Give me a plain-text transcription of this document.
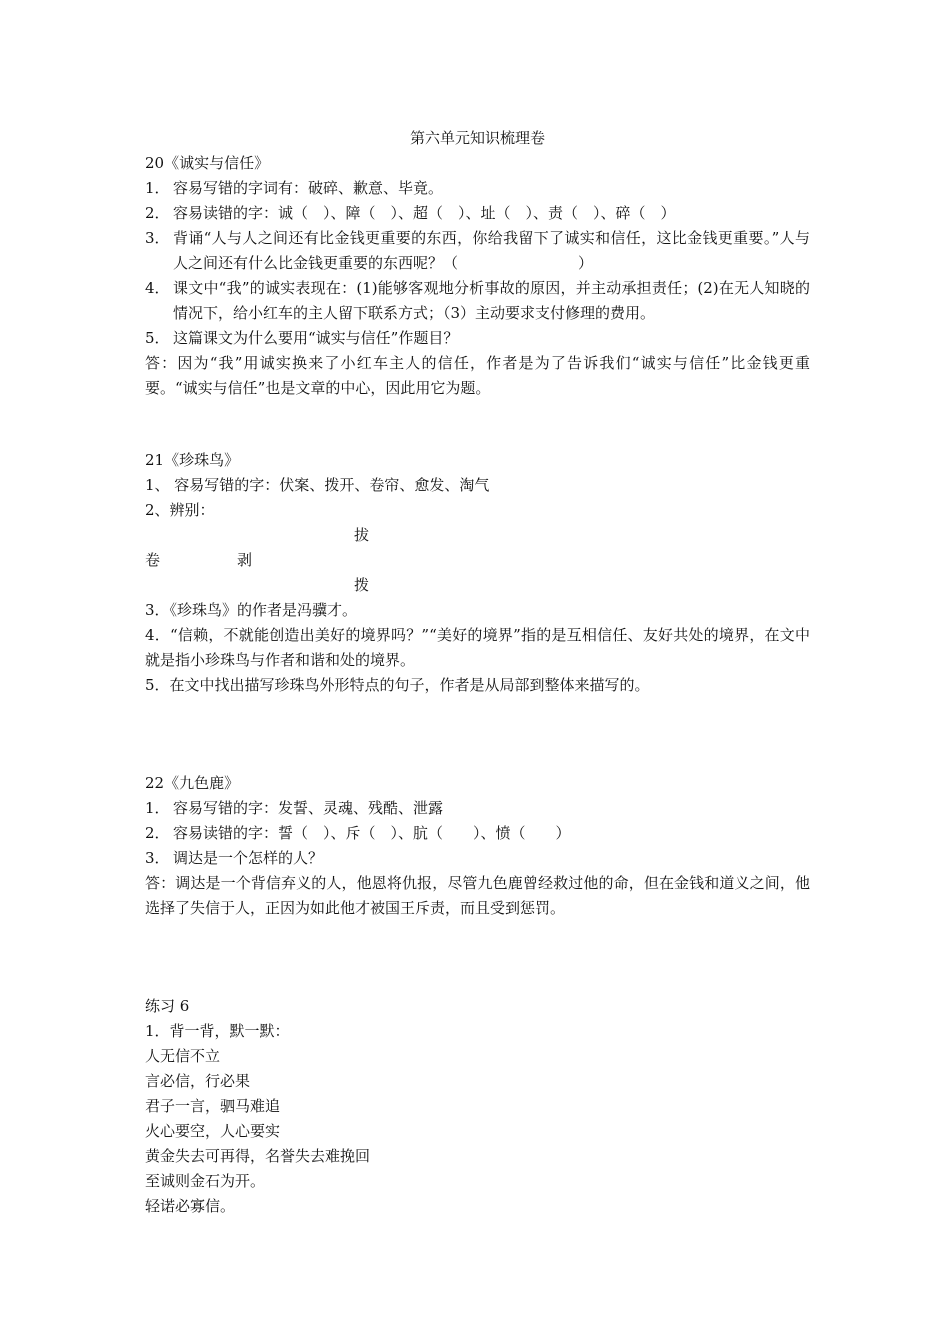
第六单元知识梳理卷

20《诚实与信任》

1． 容易写错的字词有：破碎、歉意、毕竟。
2． 容易读错的字：诚（　）、障（　）、超（　）、址（　）、责（　）、碎（　）
3． 背诵“人与人之间还有比金钱更重要的东西，你给我留下了诚实和信任，这比金钱更重要。”人与人之间还有什么比金钱更重要的东西呢？（　　　　　　　　）
4． 课文中“我”的诚实表现在：(1)能够客观地分析事故的原因，并主动承担责任；(2)在无人知晓的情况下，给小红车的主人留下联系方式；（3）主动要求支付修理的费用。
5． 这篇课文为什么要用“诚实与信任”作题目？

答：因为“我”用诚实换来了小红车主人的信任，作者是为了告诉我们“诚实与信任”比金钱更重要。“诚实与信任”也是文章的中心，因此用它为题。

21《珍珠鸟》

1、 容易写错的字：伏案、拨开、卷帘、愈发、淘气

2、辨别：

拔
卷	剥
拨

3．《珍珠鸟》的作者是冯骥才。

4．“信赖，不就能创造出美好的境界吗？”“美好的境界”指的是互相信任、友好共处的境界，在文中就是指小珍珠鸟与作者和谐和处的境界。

5．在文中找出描写珍珠鸟外形特点的句子，作者是从局部到整体来描写的。

22《九色鹿》

1． 容易写错的字：发誓、灵魂、残酷、泄露
2． 容易读错的字：誓（　）、斥（　）、肮（　　）、愤（　　）
3． 调达是一个怎样的人？

答：调达是一个背信弃义的人，他恩将仇报，尽管九色鹿曾经救过他的命，但在金钱和道义之间，他选择了失信于人，正因为如此他才被国王斥责，而且受到惩罚。

练习 6

1．背一背，默一默：

人无信不立

言必信，行必果

君子一言，驷马难追

火心要空，人心要实

黄金失去可再得，名誉失去难挽回

至诚则金石为开。

轻诺必寡信。
